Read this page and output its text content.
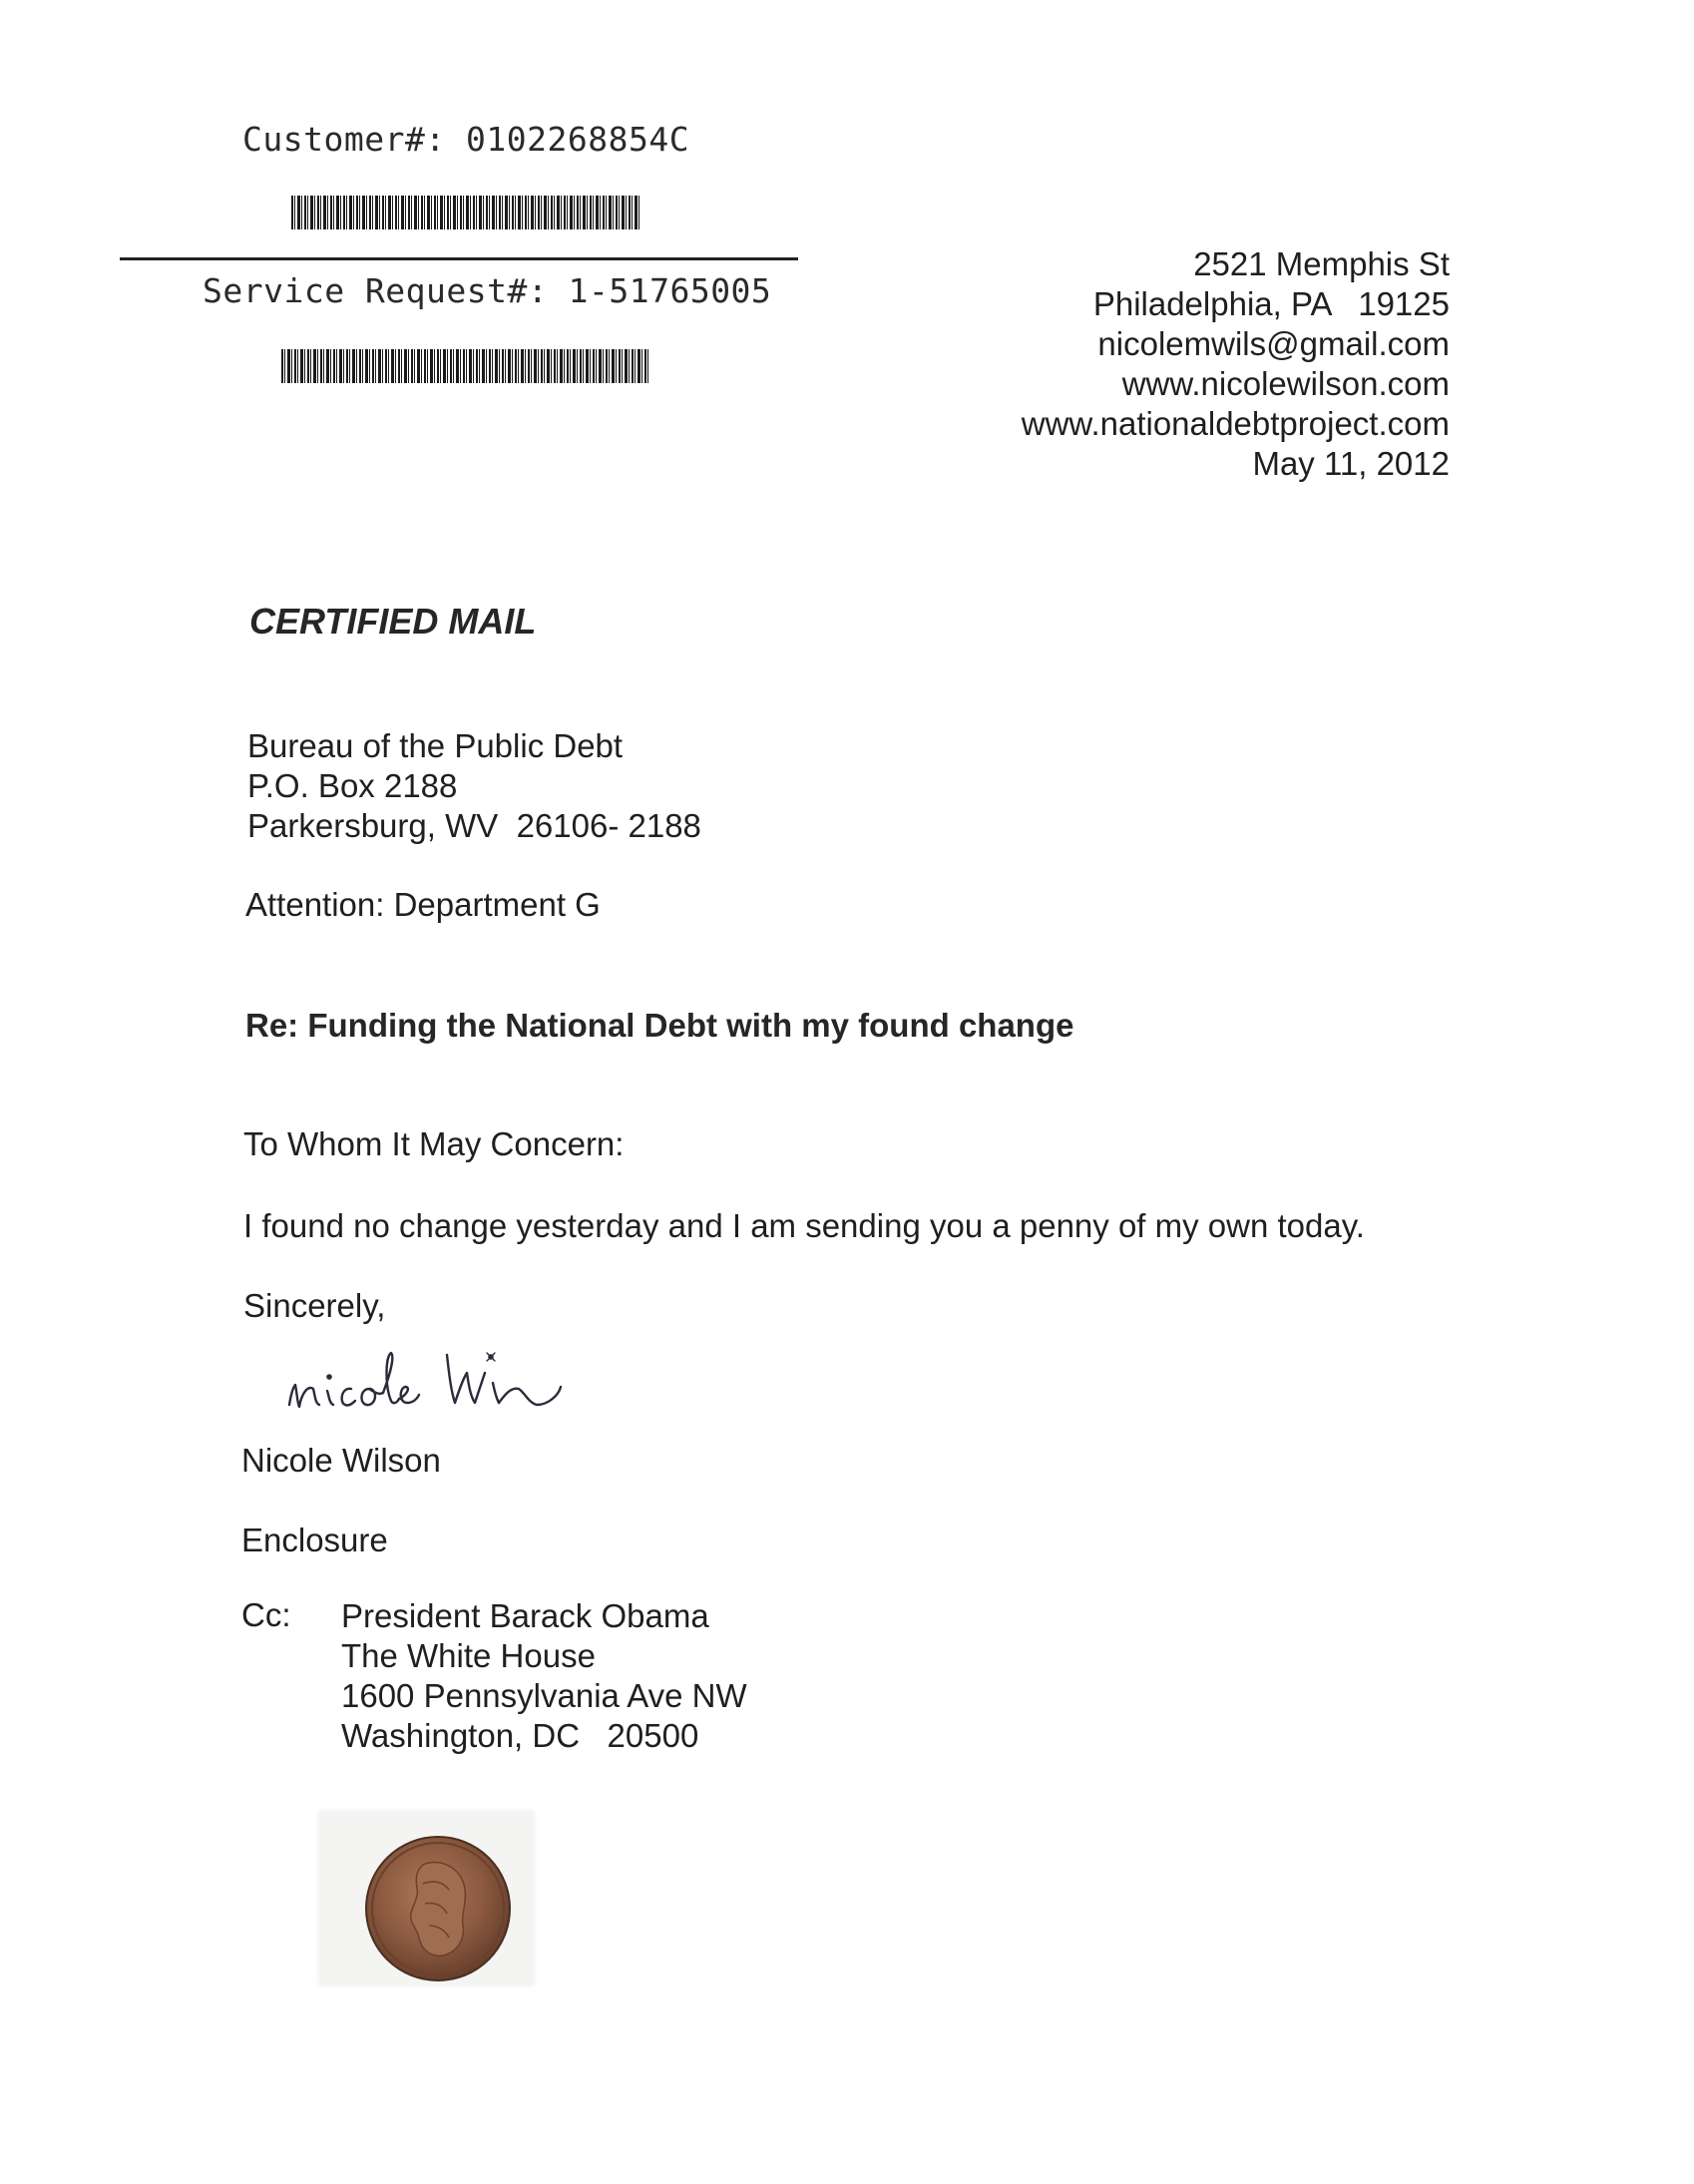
Customer#: 0102268854C
Service Request#: 1-51765005
2521 Memphis St
Philadelphia, PA   19125
nicolemwils@gmail.com
www.nicolewilson.com
www.nationaldebtproject.com
May 11, 2012
CERTIFIED MAIL
Bureau of the Public Debt
P.O. Box 2188
Parkersburg, WV  26106- 2188
Attention: Department G
Re: Funding the National Debt with my found change
To Whom It May Concern:
I found no change yesterday and I am sending you a penny of my own today.
Sincerely,
Nicole Wilson
Enclosure
Cc: President Barack Obama
The White House
1600 Pennsylvania Ave NW
Washington, DC   20500
